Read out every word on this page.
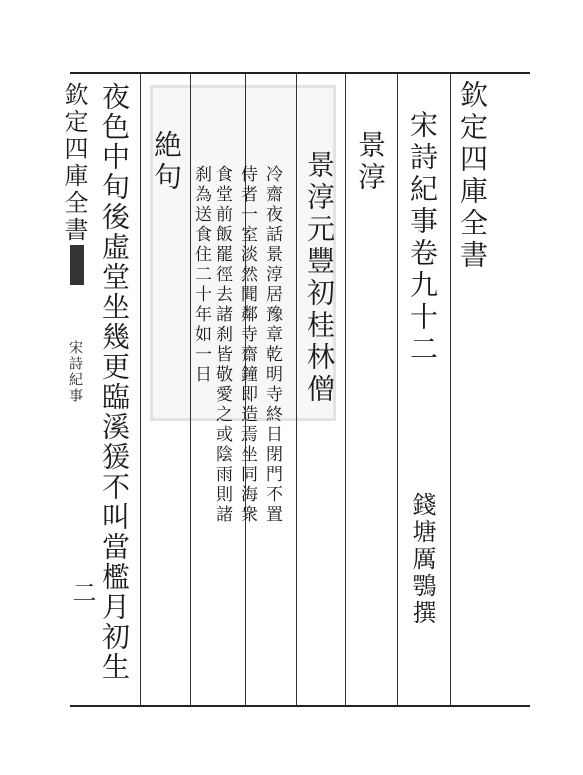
欽定四庫全書
宋詩紀事卷九十二
錢塘厲鶚撰
景淳
景淳元豐初桂林僧
冷齋夜話景淳居豫章乾明寺終日閉門不置
侍者一室淡然聞鄰寺齋鐘即造焉坐同海衆
食堂前飯罷徑去諸刹皆敬愛之或陰雨則諸
刹為送食住二十年如一日
絶句
夜色中旬後虛堂坐幾更臨溪猨不叫當檻月初生
欽定四庫全書
宋詩紀事
二
